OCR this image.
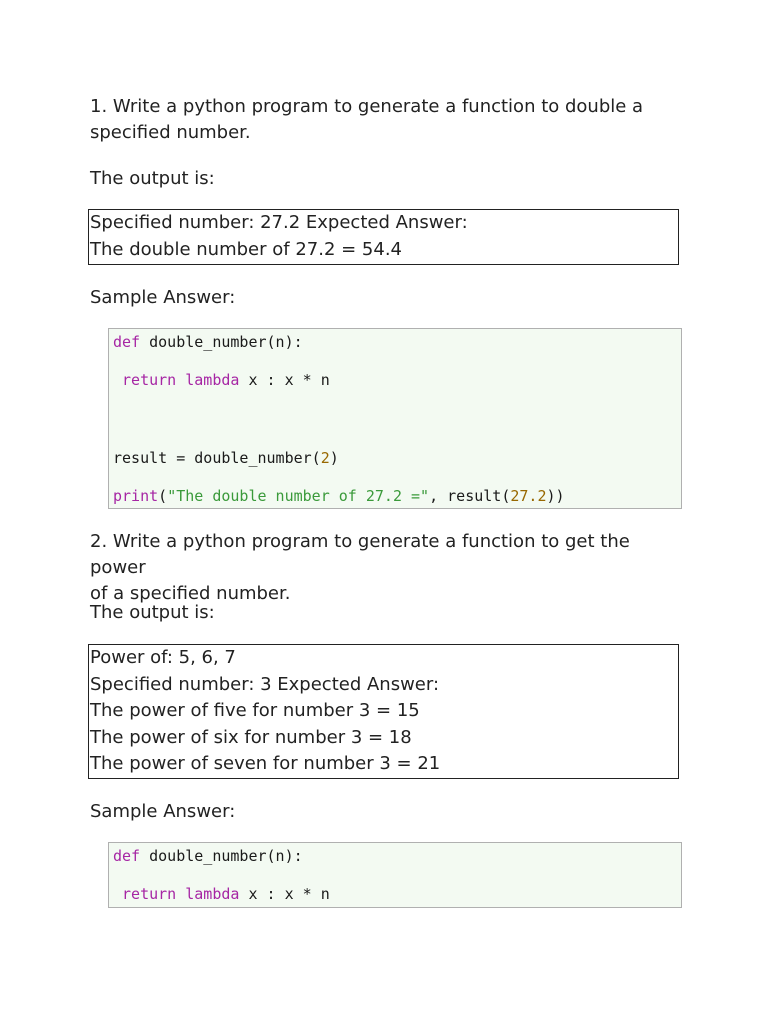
1. Write a python program to generate a function to double a
specified number.

The output is:

Specified number: 27.2 Expected Answer:
The double number of 27.2 = 54.4

Sample Answer:

def double_number(n):
return lambda x : x * n
result = double_number(2)
print("The double number of 27.2 =", result(27.2))

2. Write a python program to generate a function to get the power
of a specified number.

The output is:

Power of: 5, 6, 7
Specified number: 3 Expected Answer:
The power of five for number 3 = 15
The power of six for number 3 = 18
The power of seven for number 3 = 21

Sample Answer:

def double_number(n):
return lambda x : x * n
